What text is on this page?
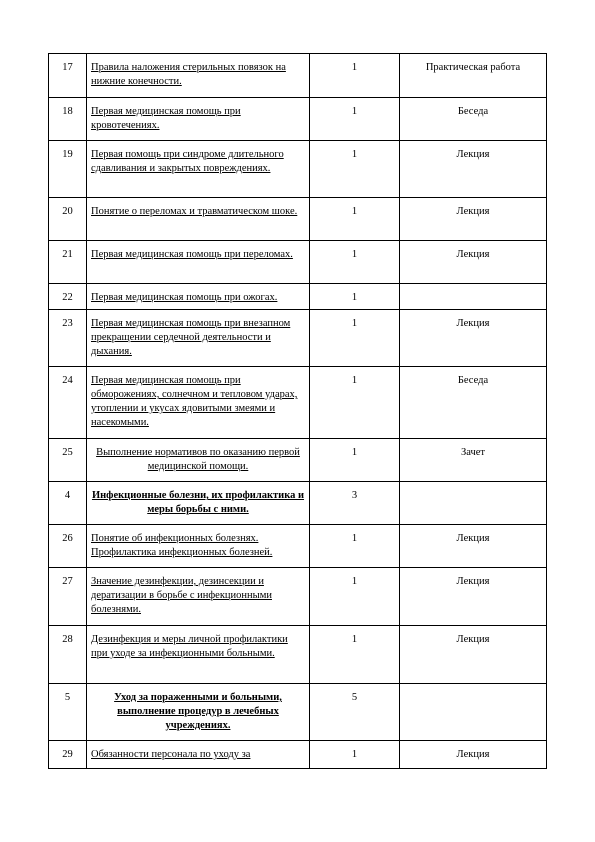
17	Правила наложения стерильных повязок на нижние конечности.	1	Практическая работа
18	Первая медицинская помощь при кровотечениях.	1	Беседа
19	Первая помощь при синдроме длительного сдавливания и закрытых повреждениях.	1	Лекция
20	Понятие о переломах и травматическом шоке.	1	Лекция
21	Первая медицинская помощь при переломах.	1	Лекция
22	Первая медицинская помощь при ожогах.	1	
23	Первая медицинская помощь при внезапном прекращении сердечной деятельности и дыхания.	1	Лекция
24	Первая медицинская помощь при обморожениях, солнечном и тепловом ударах, утоплении и укусах ядовитыми змеями и насекомыми.	1	Беседа
25	Выполнение нормативов по оказанию первой медицинской помощи.	1	Зачет
4	Инфекционные болезни, их профилактика и меры борьбы с ними.	3	
26	Понятие об инфекционных болезнях. Профилактика инфекционных болезней.	1	Лекция
27	Значение дезинфекции, дезинсекции и дератизации в борьбе с инфекционными болезнями.	1	Лекция
28	Дезинфекция и меры личной профилактики при уходе за инфекционными больными.	1	Лекция
5	Уход за пораженными и больными, выполнение процедур в лечебных учреждениях.	5	
29	Обязанности персонала по уходу за	1	Лекция
